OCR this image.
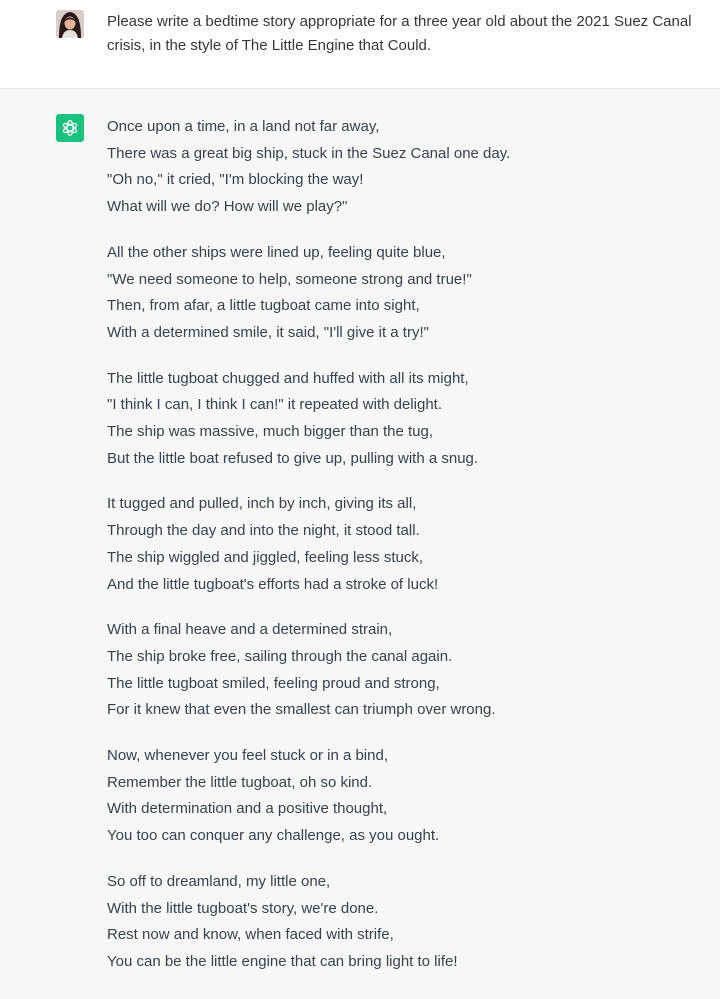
Please write a bedtime story appropriate for a three year old about the 2021 Suez Canal crisis, in the style of The Little Engine that Could.

Once upon a time, in a land not far away,
There was a great big ship, stuck in the Suez Canal one day.
"Oh no," it cried, "I'm blocking the way!
What will we do? How will we play?"

All the other ships were lined up, feeling quite blue,
"We need someone to help, someone strong and true!"
Then, from afar, a little tugboat came into sight,
With a determined smile, it said, "I'll give it a try!"

The little tugboat chugged and huffed with all its might,
"I think I can, I think I can!" it repeated with delight.
The ship was massive, much bigger than the tug,
But the little boat refused to give up, pulling with a snug.

It tugged and pulled, inch by inch, giving its all,
Through the day and into the night, it stood tall.
The ship wiggled and jiggled, feeling less stuck,
And the little tugboat's efforts had a stroke of luck!

With a final heave and a determined strain,
The ship broke free, sailing through the canal again.
The little tugboat smiled, feeling proud and strong,
For it knew that even the smallest can triumph over wrong.

Now, whenever you feel stuck or in a bind,
Remember the little tugboat, oh so kind.
With determination and a positive thought,
You too can conquer any challenge, as you ought.

So off to dreamland, my little one,
With the little tugboat's story, we're done.
Rest now and know, when faced with strife,
You can be the little engine that can bring light to life!
